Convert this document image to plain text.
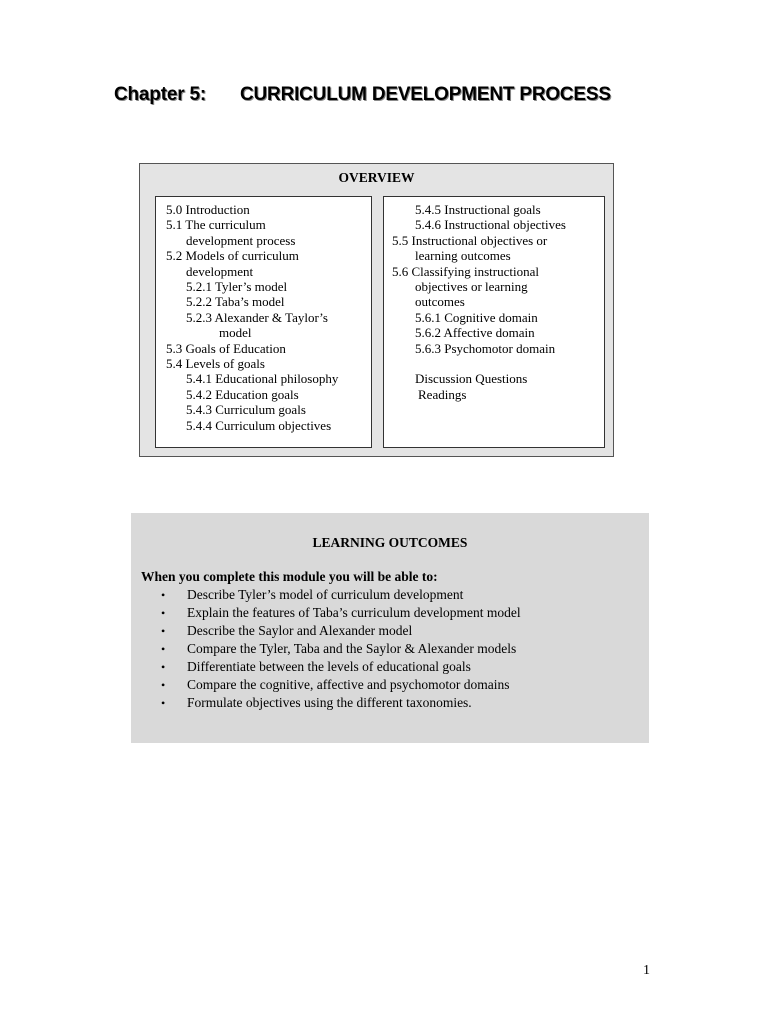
Chapter 5: CURRICULUM DEVELOPMENT PROCESS
OVERVIEW
5.0 Introduction
5.1 The curriculum
development process
5.2 Models of curriculum
development
5.2.1 Tyler’s model
5.2.2 Taba’s model
5.2.3 Alexander & Taylor’s
model
5.3 Goals of Education
5.4 Levels of goals
5.4.1 Educational philosophy
5.4.2 Education goals
5.4.3 Curriculum goals
5.4.4 Curriculum objectives
5.4.5 Instructional goals
5.4.6 Instructional objectives
5.5 Instructional objectives or
learning outcomes
5.6 Classifying instructional
objectives or learning
outcomes
5.6.1 Cognitive domain
5.6.2 Affective domain
5.6.3 Psychomotor domain
Discussion Questions
Readings
LEARNING OUTCOMES
When you complete this module you will be able to:
• Describe Tyler’s model of curriculum development
• Explain the features of Taba’s curriculum development model
• Describe the Saylor and Alexander model
• Compare the Tyler, Taba and the Saylor & Alexander models
• Differentiate between the levels of educational goals
• Compare the cognitive, affective and psychomotor domains
• Formulate objectives using the different taxonomies.
1
